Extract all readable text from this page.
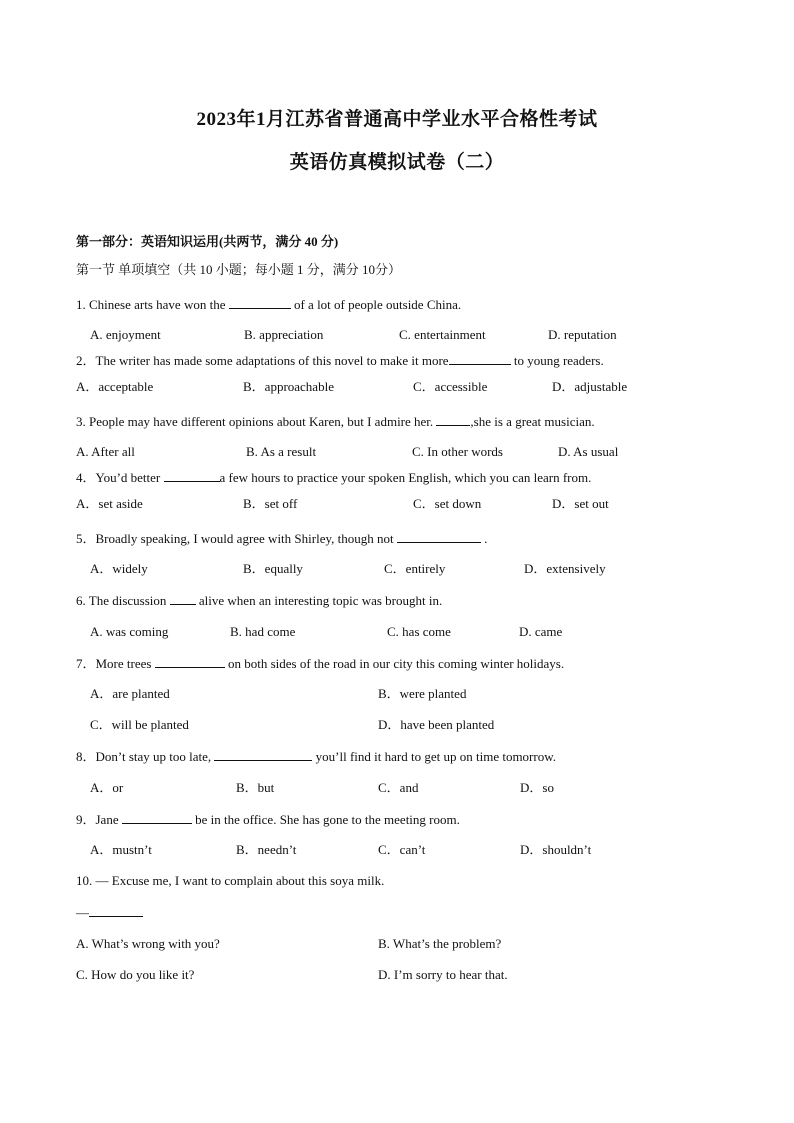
2023年1月江苏省普通高中学业水平合格性考试
英语仿真模拟试卷（二）
第一部分：英语知识运用(共两节，满分 40 分)
第一节 单项填空（共 10 小题；每小题 1 分，满分 10分）
1. Chinese arts have won the	of a lot of people outside China.
A. enjoyment	B. appreciation	C. entertainment	D. reputation
2．The writer has made some adaptations of this novel to make it more	to young readers.
A．acceptable	B．approachable	C．accessible	D．adjustable
3. People may have different opinions about Karen, but I admire her.	,she is a great musician.
A. After all	B. As a result	C. In other words	D. As usual
4．You’d better	a few hours to practice your spoken English, which you can learn from.
A．set aside	B．set off	C．set down	D．set out
5．Broadly speaking, I would agree with Shirley, though not	.
A．widely	B．equally	C．entirely	D．extensively
6. The discussion	alive when an interesting topic was brought in.
A. was coming	B. had come	C. has come	D. came
7．More trees	on both sides of the road in our city this coming winter holidays.
A．are planted	B．were planted
C．will be planted	D．have been planted
8．Don’t stay up too late,	you’ll find it hard to get up on time tomorrow.
A．or	B．but	C．and	D．so
9．Jane	be in the office. She has gone to the meeting room.
A．mustn’t	B．needn’t	C．can’t	D．shouldn’t
10. — Excuse me, I want to complain about this soya milk.
—
A. What’s wrong with you?	B. What’s the problem?
C. How do you like it?	D. I’m sorry to hear that.
